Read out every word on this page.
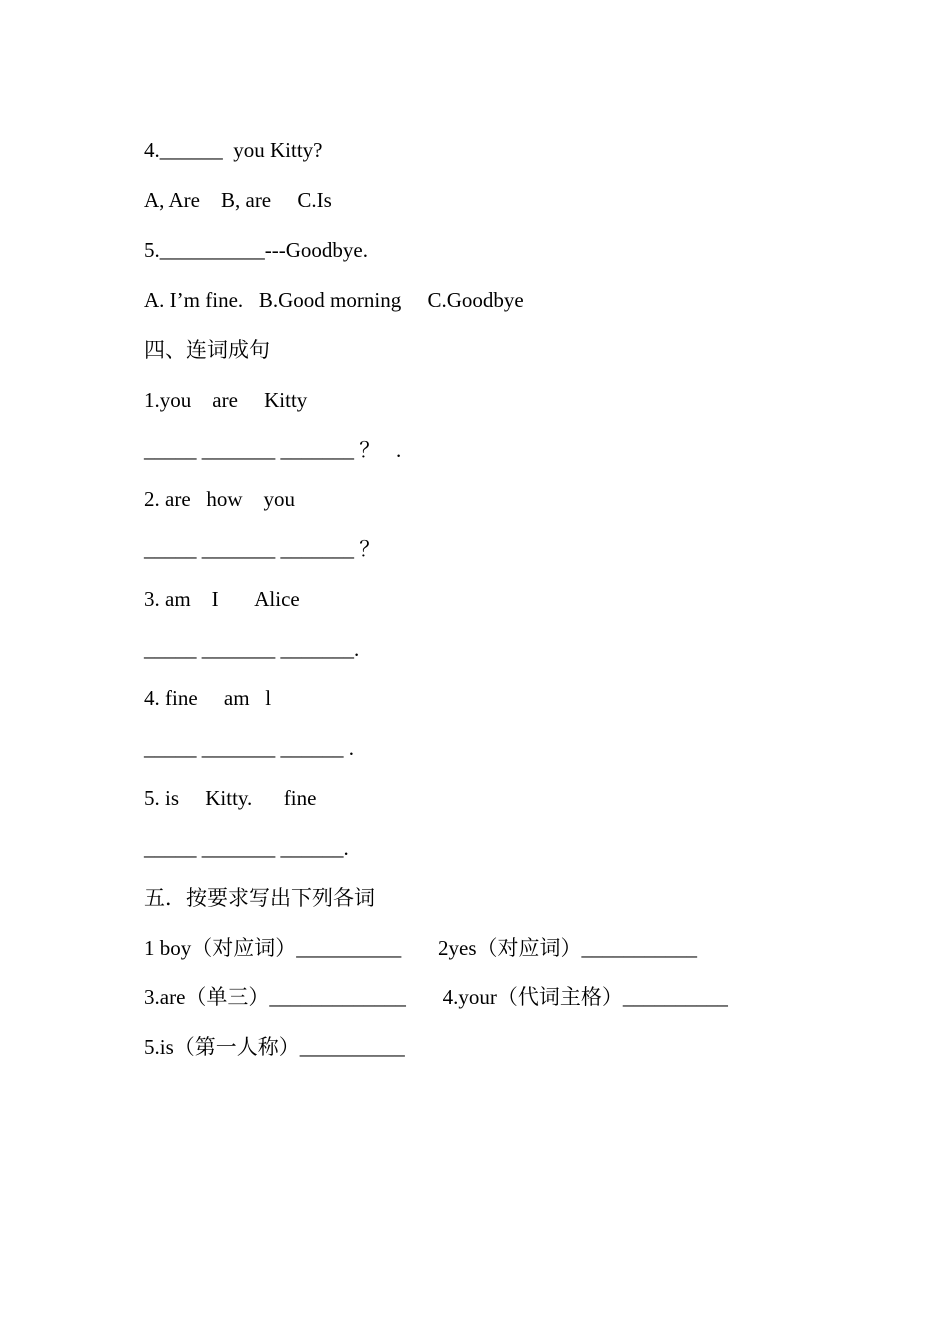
4.______  you Kitty?
A, Are    B, are     C.Is
5.__________---Goodbye.
A. I’m fine.   B.Good morning     C.Goodbye
四、连词成句
1.you    are     Kitty
_____ _______ _______ ？   .
2. are   how    you
_____ _______ _______ ？
3. am    I       Alice
_____ _______ _______.
4. fine     am   l
_____ _______ ______ .
5. is     Kitty.      fine
_____ _______ ______.
五．按要求写出下列各词
1 boy（对应词）__________       2yes（对应词）___________
3.are（单三）_____________       4.your（代词主格）__________
5.is（第一人称）__________
